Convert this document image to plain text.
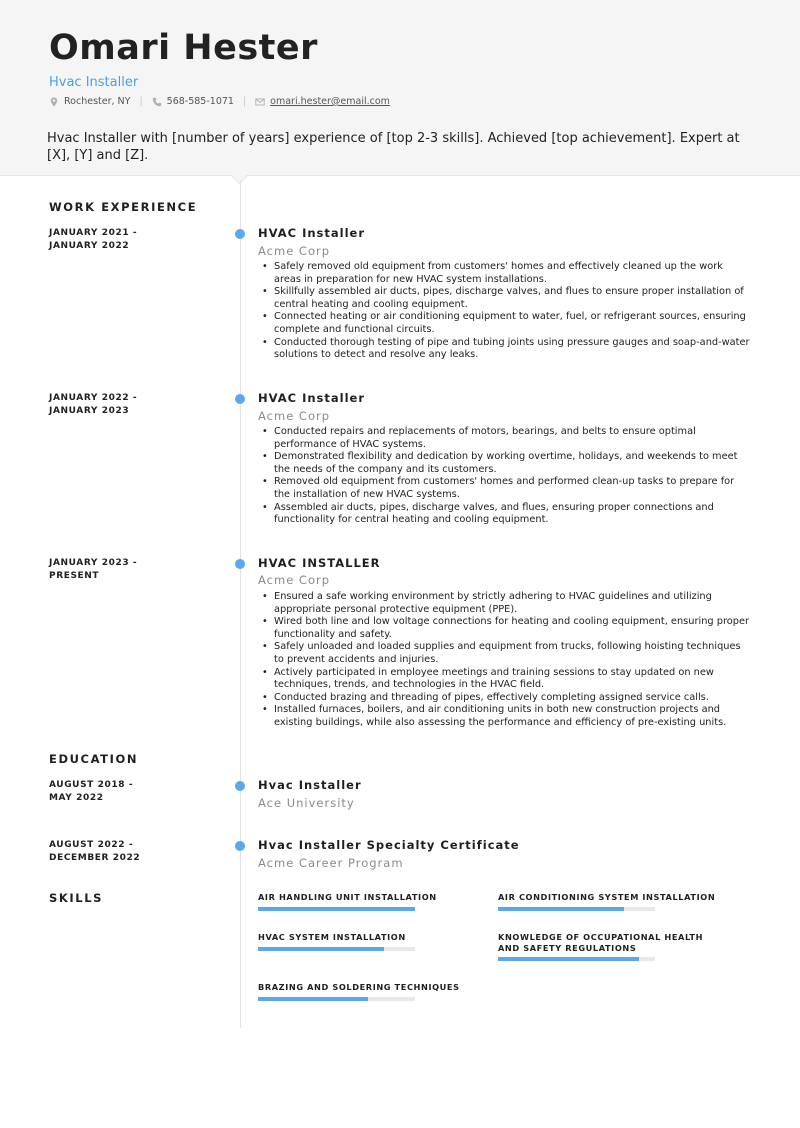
Omari Hester
Hvac Installer
Rochester, NY |	568-585-1071 |	omari.hester@email.com
Hvac Installer with [number of years] experience of [top 2-3 skills]. Achieved [top achievement]. Expert at [X], [Y] and [Z].
WORK EXPERIENCE
JANUARY 2021 -
JANUARY 2022
HVAC Installer
Acme Corp
• Safely removed old equipment from customers' homes and effectively cleaned up the work areas in preparation for new HVAC system installations.
• Skillfully assembled air ducts, pipes, discharge valves, and flues to ensure proper installation of central heating and cooling equipment.
• Connected heating or air conditioning equipment to water, fuel, or refrigerant sources, ensuring complete and functional circuits.
• Conducted thorough testing of pipe and tubing joints using pressure gauges and soap-and-water solutions to detect and resolve any leaks.
JANUARY 2022 -
JANUARY 2023
HVAC Installer
Acme Corp
• Conducted repairs and replacements of motors, bearings, and belts to ensure optimal performance of HVAC systems.
• Demonstrated flexibility and dedication by working overtime, holidays, and weekends to meet the needs of the company and its customers.
• Removed old equipment from customers' homes and performed clean-up tasks to prepare for the installation of new HVAC systems.
• Assembled air ducts, pipes, discharge valves, and flues, ensuring proper connections and functionality for central heating and cooling equipment.
JANUARY 2023 -
PRESENT
HVAC INSTALLER
Acme Corp
• Ensured a safe working environment by strictly adhering to HVAC guidelines and utilizing appropriate personal protective equipment (PPE).
• Wired both line and low voltage connections for heating and cooling equipment, ensuring proper functionality and safety.
• Safely unloaded and loaded supplies and equipment from trucks, following hoisting techniques to prevent accidents and injuries.
• Actively participated in employee meetings and training sessions to stay updated on new techniques, trends, and technologies in the HVAC field.
• Conducted brazing and threading of pipes, effectively completing assigned service calls.
• Installed furnaces, boilers, and air conditioning units in both new construction projects and existing buildings, while also assessing the performance and efficiency of pre-existing units.
EDUCATION
AUGUST 2018 -
MAY 2022
Hvac Installer
Ace University
AUGUST 2022 -
DECEMBER 2022
Hvac Installer Specialty Certificate
Acme Career Program
SKILLS	AIR HANDLING UNIT INSTALLATION	AIR CONDITIONING SYSTEM INSTALLATION
HVAC SYSTEM INSTALLATION	KNOWLEDGE OF OCCUPATIONAL HEALTH AND SAFETY REGULATIONS
BRAZING AND SOLDERING TECHNIQUES
